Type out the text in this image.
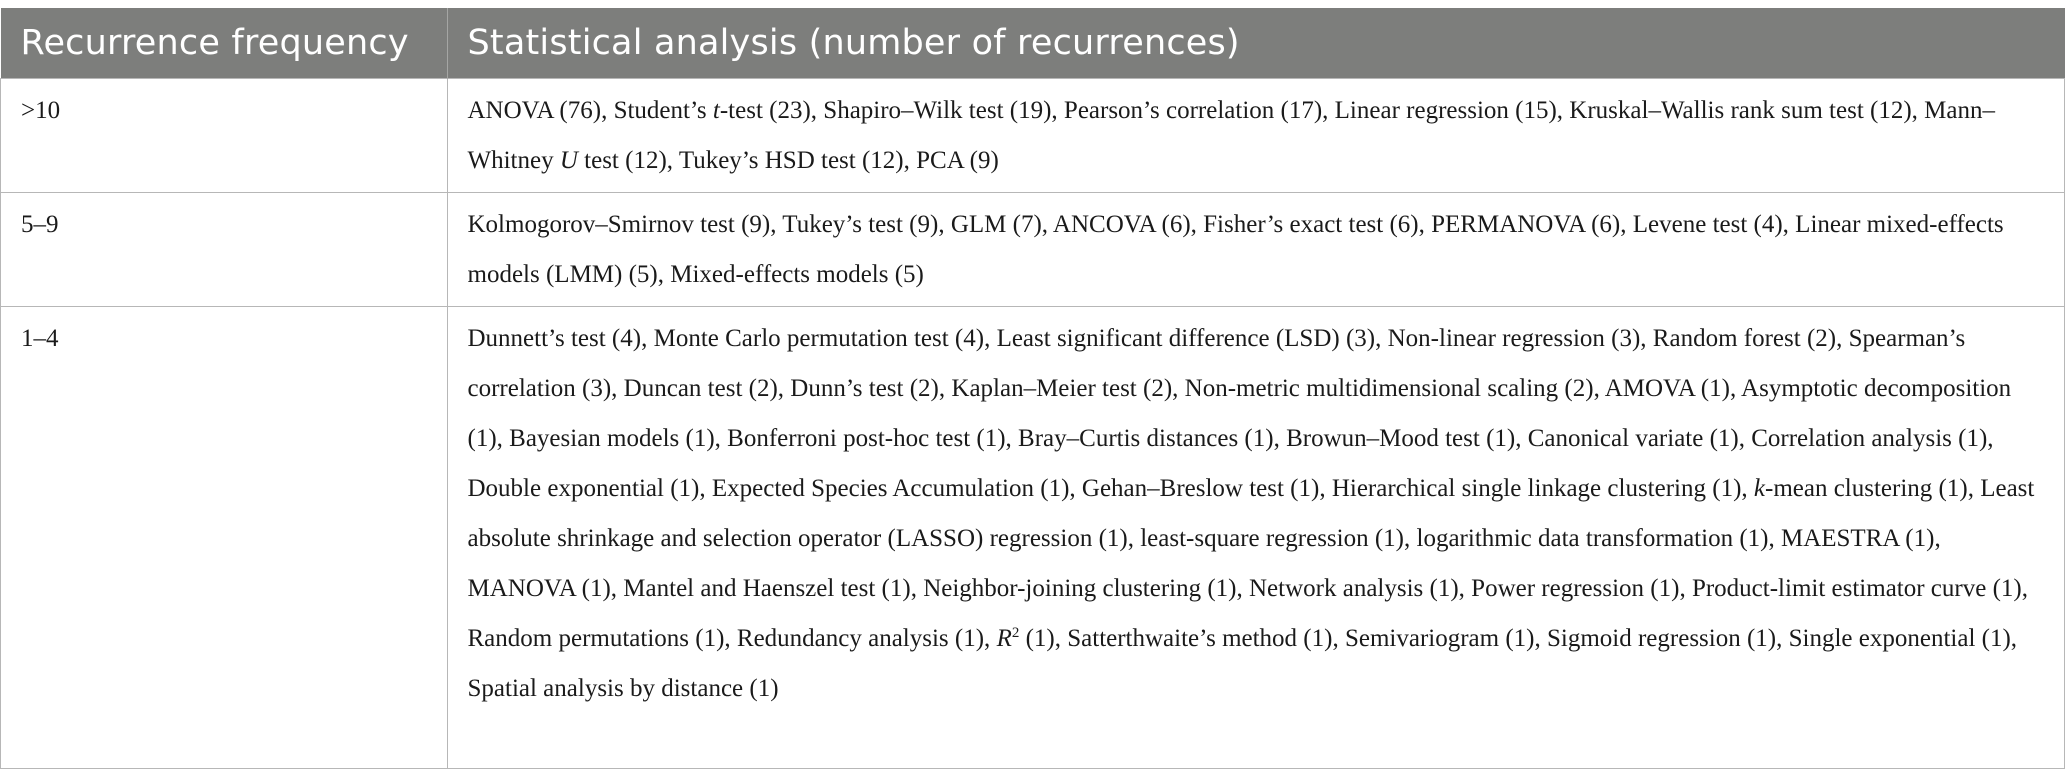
Recurrence frequency	Statistical analysis (number of recurrences)
>10	ANOVA (76), Student’s t-test (23), Shapiro–Wilk test (19), Pearson’s correlation (17), Linear regression (15), Kruskal–Wallis rank sum test (12), Mann–Whitney U test (12), Tukey’s HSD test (12), PCA (9)
5–9	Kolmogorov–Smirnov test (9), Tukey’s test (9), GLM (7), ANCOVA (6), Fisher’s exact test (6), PERMANOVA (6), Levene test (4), Linear mixed-effects models (LMM) (5), Mixed-effects models (5)
1–4	Dunnett’s test (4), Monte Carlo permutation test (4), Least significant difference (LSD) (3), Non-linear regression (3), Random forest (2), Spearman’s correlation (3), Duncan test (2), Dunn’s test (2), Kaplan–Meier test (2), Non-metric multidimensional scaling (2), AMOVA (1), Asymptotic decomposition (1), Bayesian models (1), Bonferroni post-hoc test (1), Bray–Curtis distances (1), Browun–Mood test (1), Canonical variate (1), Correlation analysis (1), Double exponential (1), Expected Species Accumulation (1), Gehan–Breslow test (1), Hierarchical single linkage clustering (1), k-mean clustering (1), Least absolute shrinkage and selection operator (LASSO) regression (1), least-square regression (1), logarithmic data transformation (1), MAESTRA (1), MANOVA (1), Mantel and Haenszel test (1), Neighbor-joining clustering (1), Network analysis (1), Power regression (1), Product-limit estimator curve (1), Random permutations (1), Redundancy analysis (1), $R^2$ (1), Satterthwaite’s method (1), Semivariogram (1), Sigmoid regression (1), Single exponential (1), Spatial analysis by distance (1)
